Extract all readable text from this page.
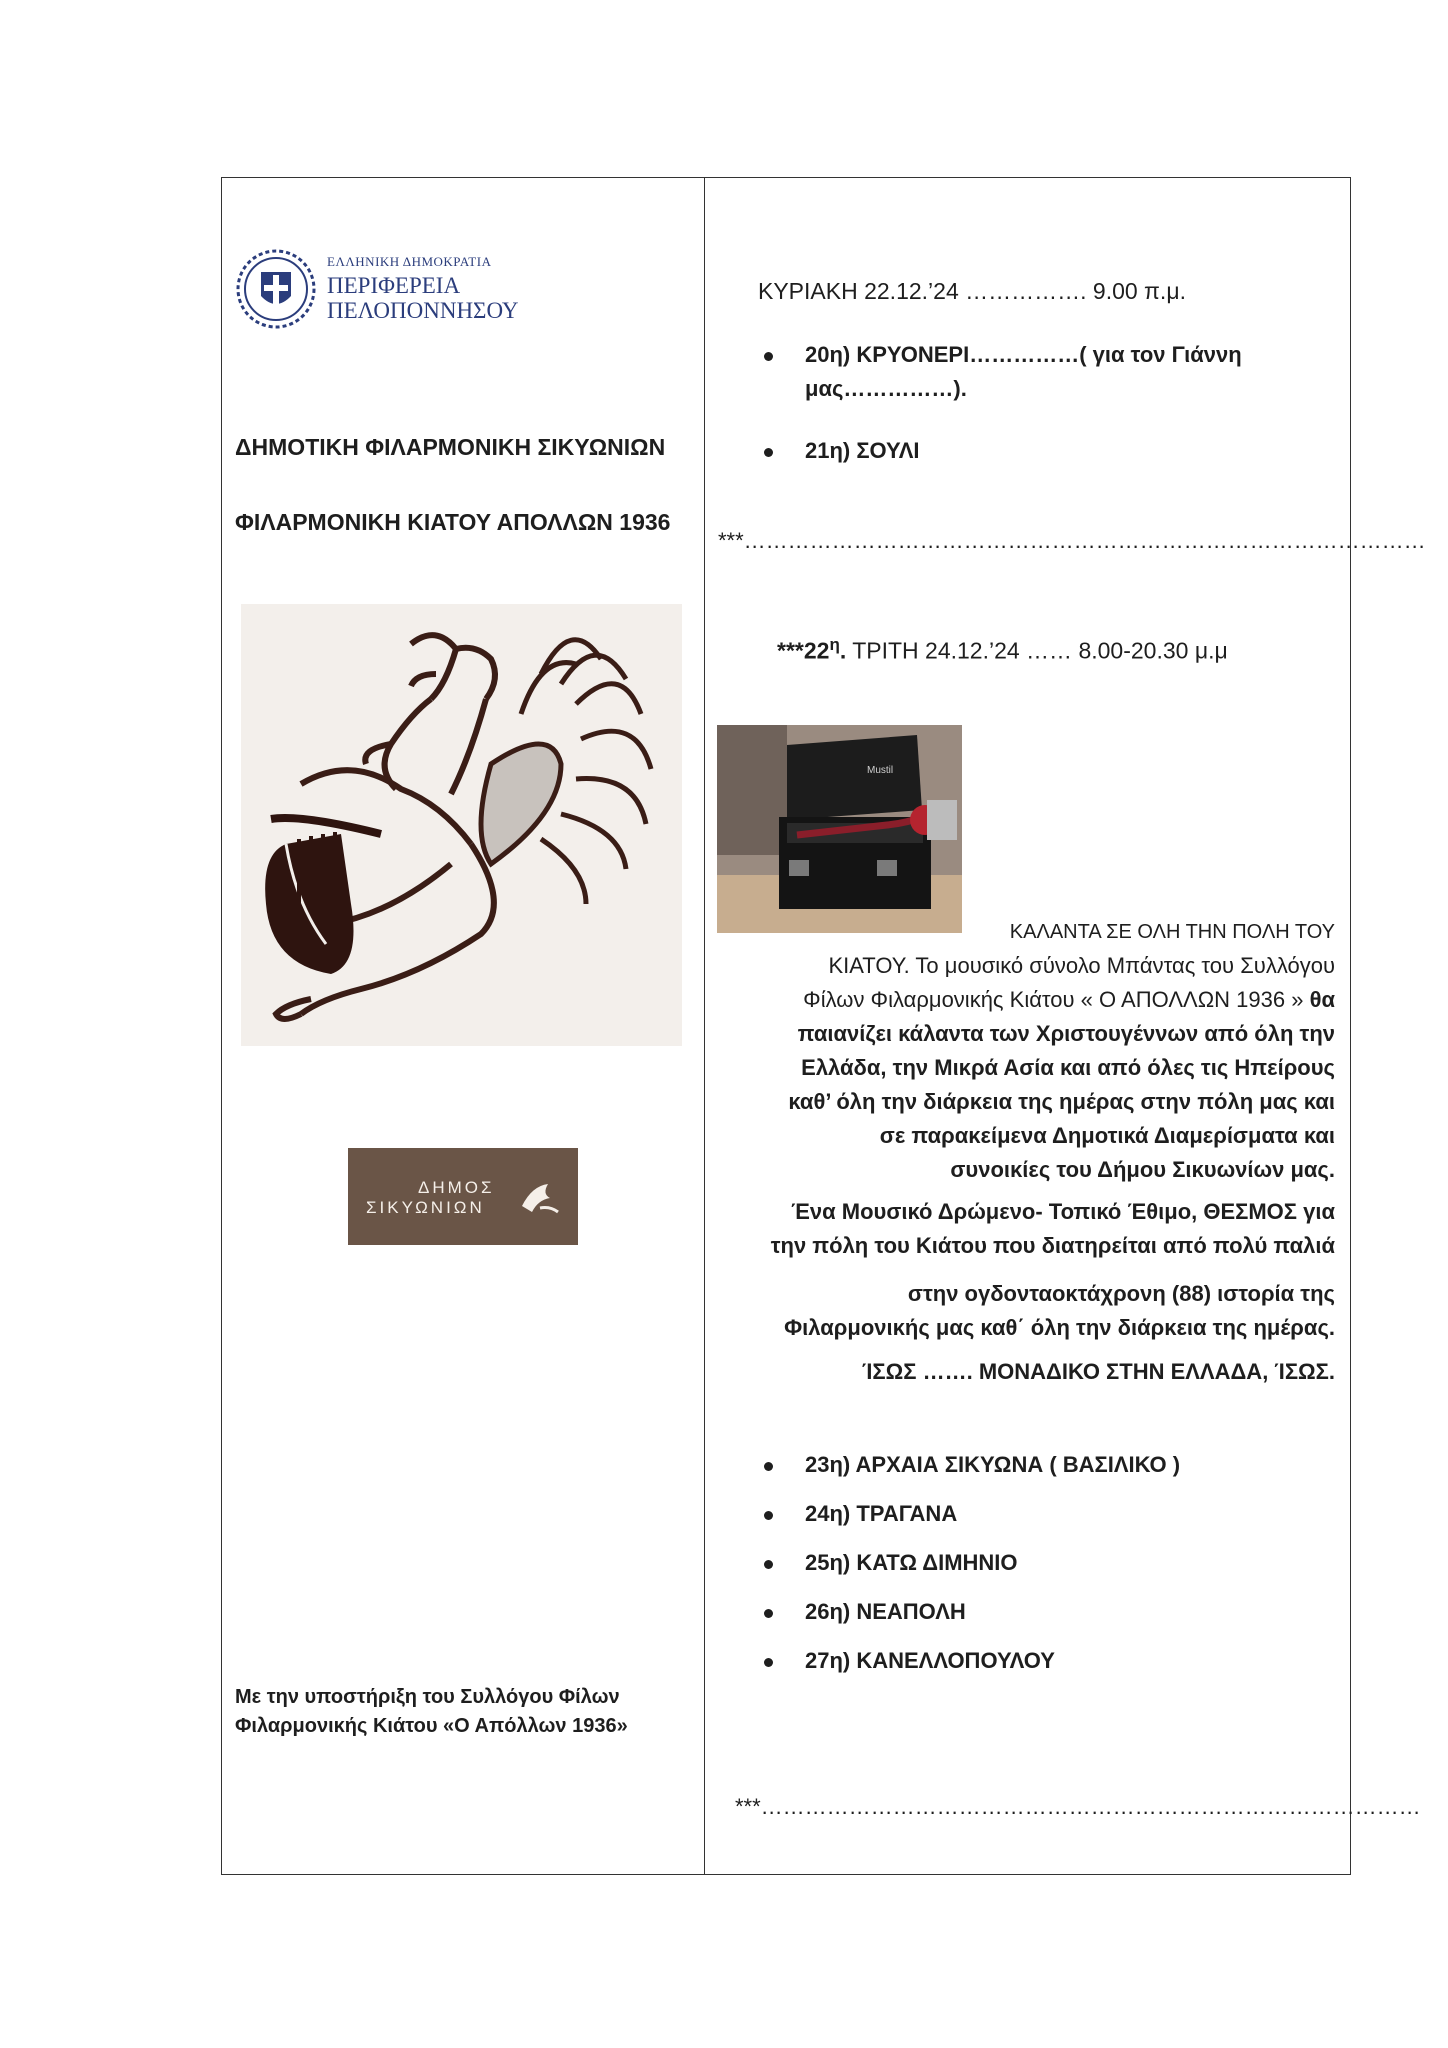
ΕΛΛΗΝΙΚΗ ΔΗΜΟΚΡΑΤΙΑ
ΠΕΡΙΦΕΡΕΙΑ
ΠΕΛΟΠΟΝΝΗΣΟΥ
ΔΗΜΟΤΙΚΗ ΦΙΛΑΡΜΟΝΙΚΗ ΣΙΚΥΩΝΙΩΝ
ΦΙΛΑΡΜΟΝΙΚΗ ΚΙΑΤΟΥ ΑΠΟΛΛΩΝ 1936
ΔΗΜΟΣ
ΣΙΚΥΩΝΙΩΝ
Με την υποστήριξη του Συλλόγου Φίλων
Φιλαρμονικής Κιάτου «Ο Απόλλων 1936»
ΚΥΡΙΑΚΗ 22.12.’24 ……………. 9.00 π.μ.
20η) ΚΡΥΟΝΕΡΙ……………( για τον Γιάννη
μας……………).
21η) ΣΟΥΛΙ
***…………………………………………………………………………………
$***22^\eta$. ΤΡΙΤΗ 24.12.’24 …… 8.00-20.30 μ.μ
Mustil
ΚΑΛΑΝΤΑ ΣΕ ΟΛΗ ΤΗΝ ΠΟΛΗ ΤΟΥ
ΚΙΑΤΟΥ. Το μουσικό σύνολο Μπάντας του Συλλόγου
Φίλων Φιλαρμονικής Κιάτου « Ο ΑΠΟΛΛΩΝ 1936 » θα
παιανίζει κάλαντα των Χριστουγέννων από όλη την
Ελλάδα, την Μικρά Ασία και από όλες τις Ηπείρους
καθ’ όλη την διάρκεια της ημέρας στην πόλη μας και
σε παρακείμενα Δημοτικά Διαμερίσματα και
συνοικίες του Δήμου Σικυωνίων μας.
Ένα Μουσικό Δρώμενο- Τοπικό Έθιμο, ΘΕΣΜΟΣ για
την πόλη του Κιάτου που διατηρείται από πολύ παλιά
στην ογδονταοκτάχρονη (88) ιστορία της
Φιλαρμονικής μας καθ΄ όλη την διάρκεια της ημέρας.
ΊΣΩΣ ……. ΜΟΝΑΔΙΚΟ ΣΤΗΝ ΕΛΛΑΔΑ, ΊΣΩΣ.
23η) ΑΡΧΑΙΑ ΣΙΚΥΩΝΑ ( ΒΑΣΙΛΙΚΟ )
24η) ΤΡΑΓΑΝΑ
25η) ΚΑΤΩ ΔΙΜΗΝΙΟ
26η) ΝΕΑΠΟΛΗ
27η) ΚΑΝΕΛΛΟΠΟΥΛΟΥ
***………………………………………………………………………………
